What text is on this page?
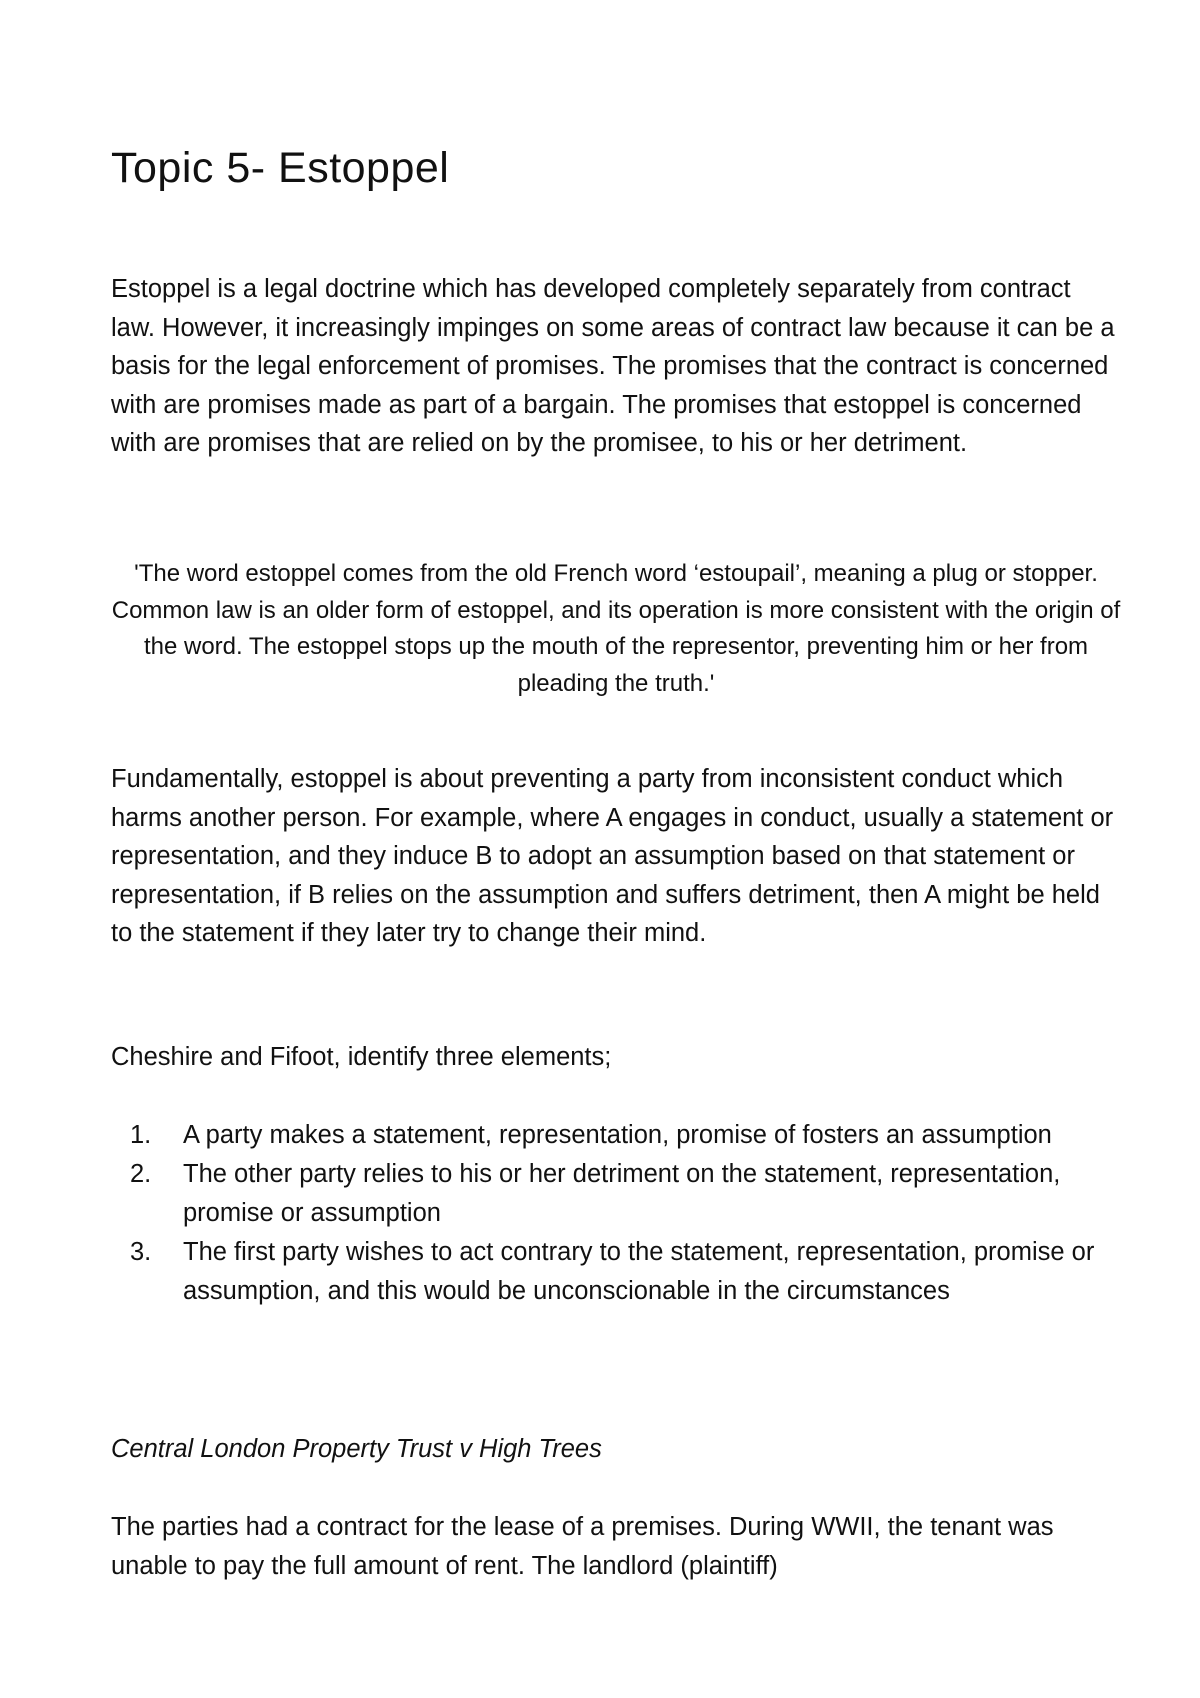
Topic 5- Estoppel

Estoppel is a legal doctrine which has developed completely separately from contract law. However, it increasingly impinges on some areas of contract law because it can be a basis for the legal enforcement of promises. The promises that the contract is concerned with are promises made as part of a bargain. The promises that estoppel is concerned with are promises that are relied on by the promisee, to his or her detriment.

'The word estoppel comes from the old French word ‘estoupail’, meaning a plug or stopper. Common law is an older form of estoppel, and its operation is more consistent with the origin of the word. The estoppel stops up the mouth of the representor, preventing him or her from pleading the truth.'

Fundamentally, estoppel is about preventing a party from inconsistent conduct which harms another person. For example, where A engages in conduct, usually a statement or representation, and they induce B to adopt an assumption based on that statement or representation, if B relies on the assumption and suffers detriment, then A might be held to the statement if they later try to change their mind.

Cheshire and Fifoot, identify three elements;

1. A party makes a statement, representation, promise of fosters an assumption
2. The other party relies to his or her detriment on the statement, representation, promise or assumption
3. The first party wishes to act contrary to the statement, representation, promise or assumption, and this would be unconscionable in the circumstances

Central London Property Trust v High Trees

The parties had a contract for the lease of a premises. During WWII, the tenant was unable to pay the full amount of rent. The landlord (plaintiff)
